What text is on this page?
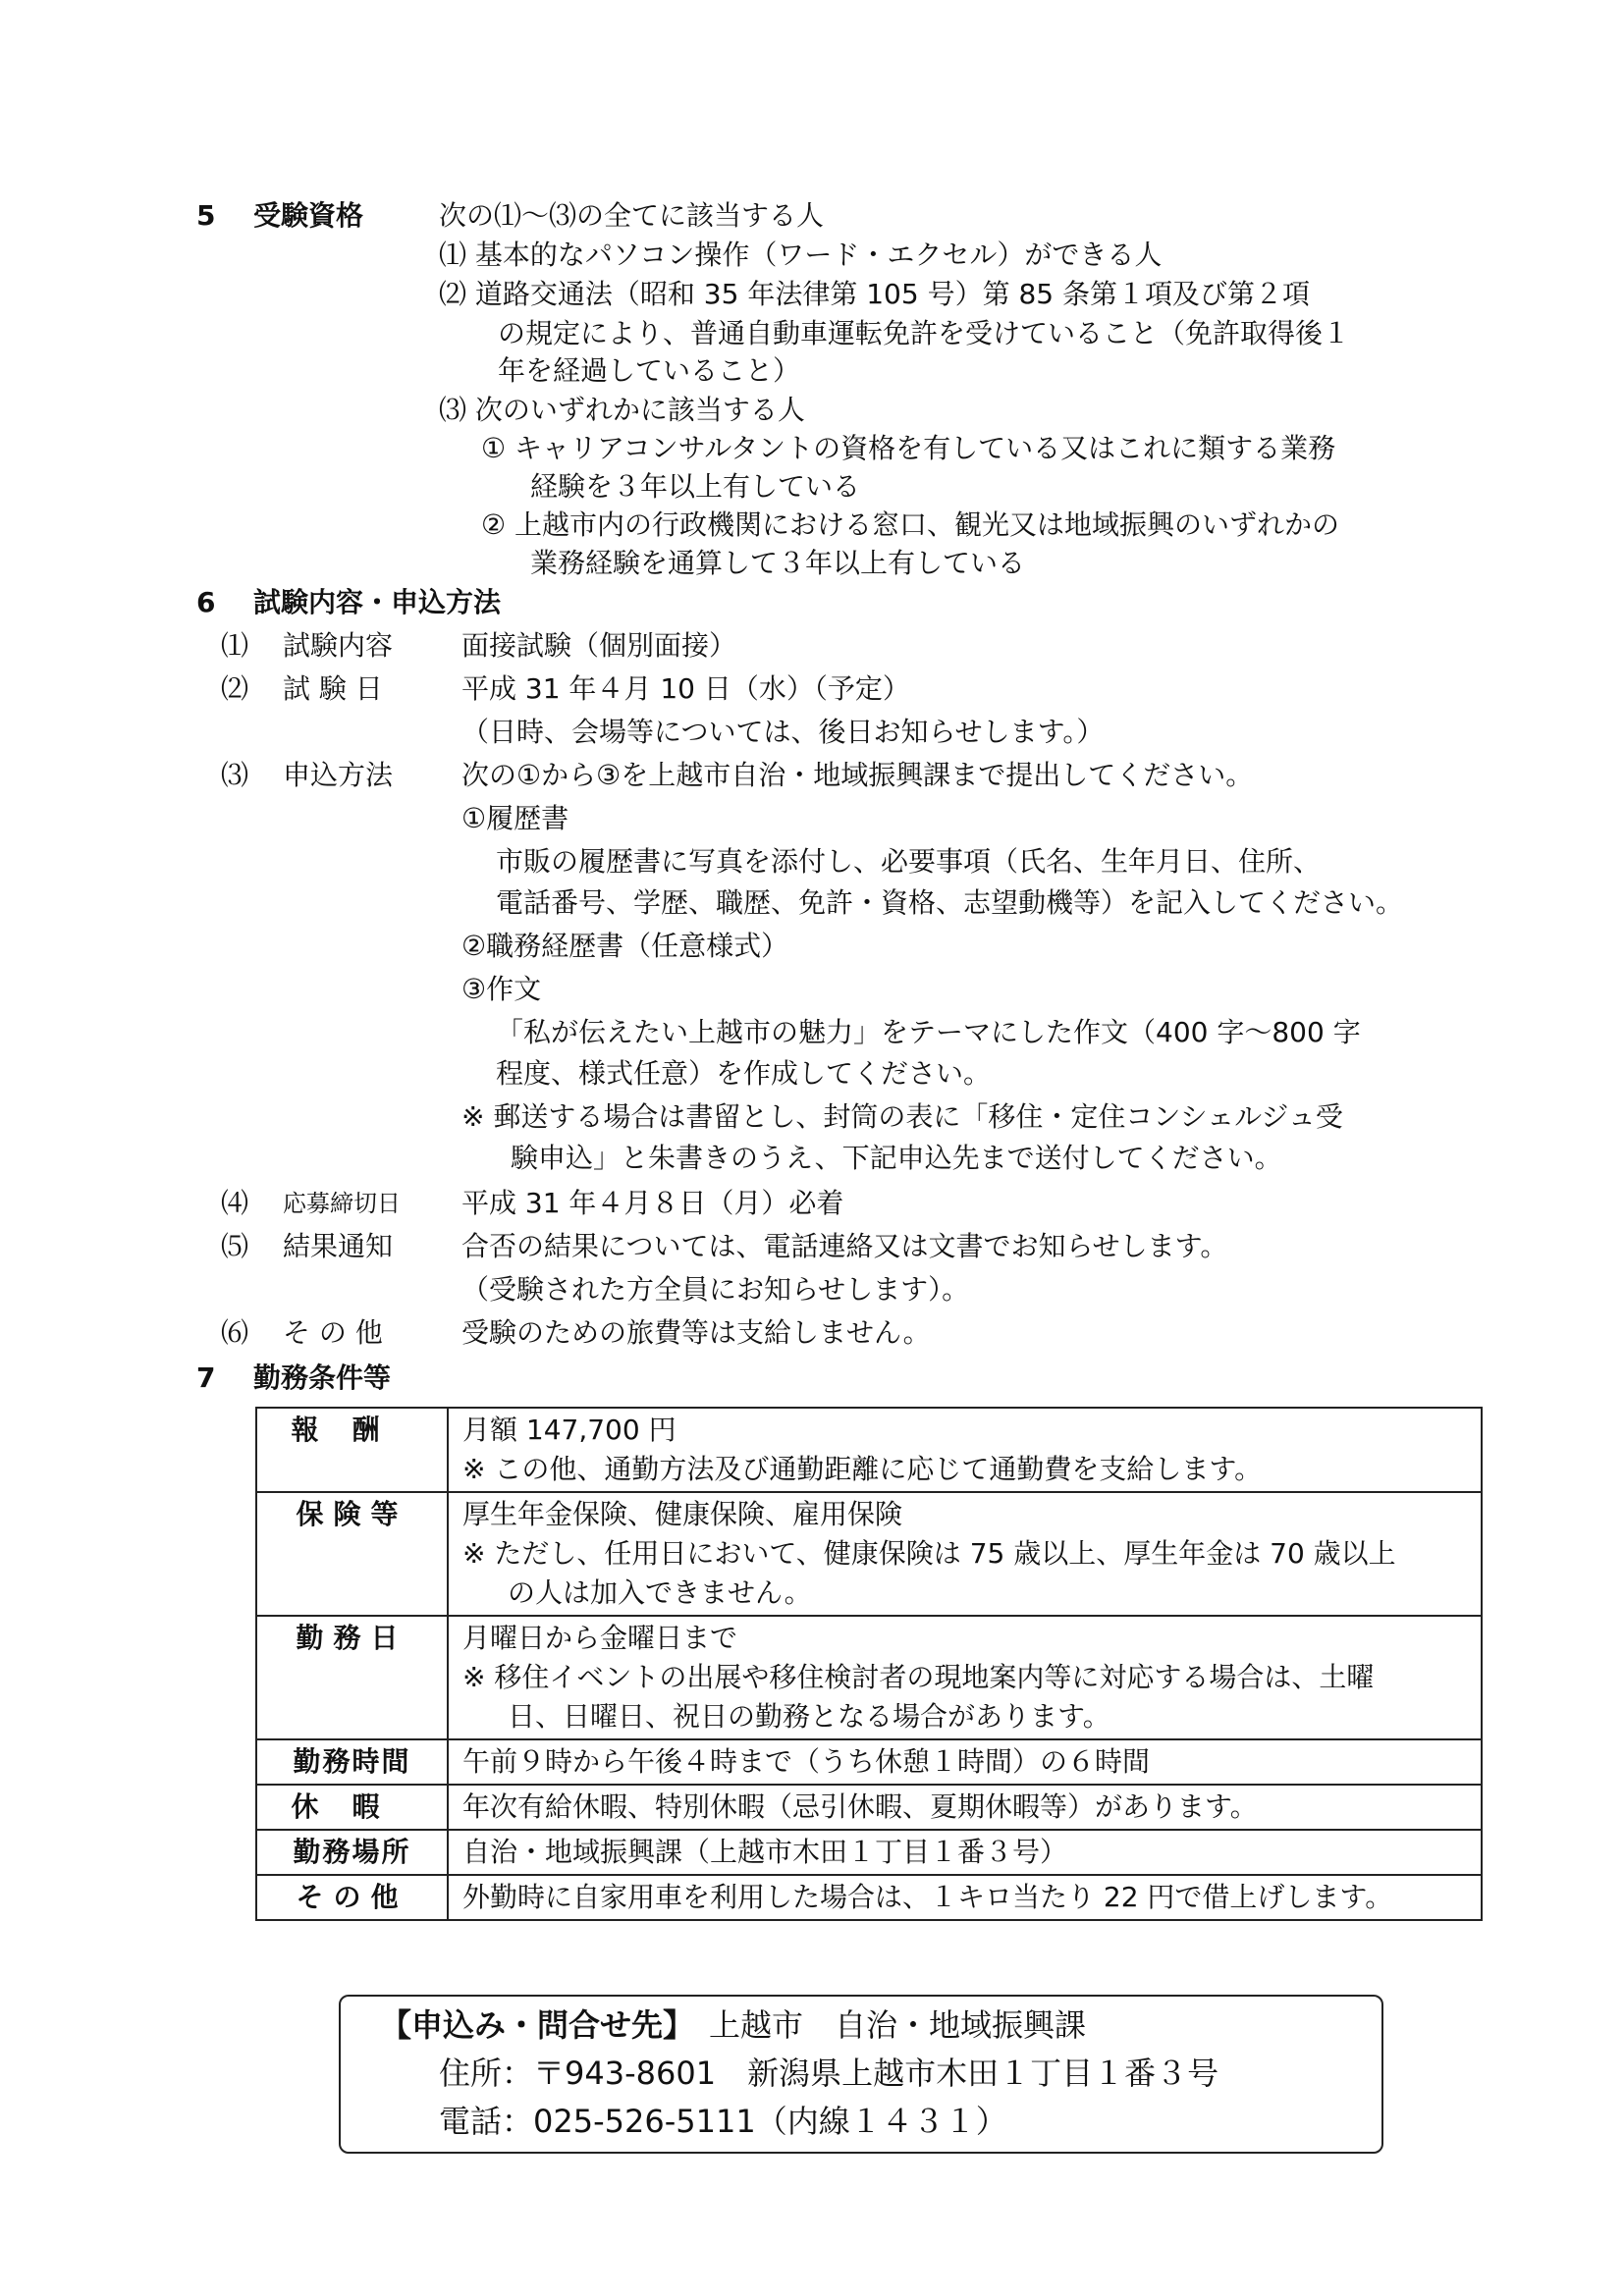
5 受験資格	次の⑴～⑶の全てに該当する人
⑴ 基本的なパソコン操作（ワード・エクセル）ができる人
⑵ 道路交通法（昭和 35 年法律第 105 号）第 85 条第１項及び第２項
の規定により、普通自動車運転免許を受けていること（免許取得後１
年を経過していること）
⑶ 次のいずれかに該当する人
① キャリアコンサルタントの資格を有している又はこれに類する業務
経験を３年以上有している
② 上越市内の行政機関における窓口、観光又は地域振興のいずれかの
業務経験を通算して３年以上有している
6 試験内容・申込方法
⑴ 試験内容 面接試験（個別面接）
⑵ 試 験 日	平成 31 年４月 10 日（水）（予定）
（日時、会場等については、後日お知らせします。）
⑶ 申込方法 次の①から③を上越市自治・地域振興課まで提出してください。
①履歴書
市販の履歴書に写真を添付し、必要事項（氏名、生年月日、住所、
電話番号、学歴、職歴、免許・資格、志望動機等）を記入してください。
②職務経歴書（任意様式）
③作文
「私が伝えたい上越市の魅力」をテーマにした作文（400 字～800 字
程度、様式任意）を作成してください。
※ 郵送する場合は書留とし、封筒の表に「移住・定住コンシェルジュ受
験申込」と朱書きのうえ、下記申込先まで送付してください。
⑷ 応募締切日 平成 31 年４月８日（月）必着
⑸ 結果通知 合否の結果については、電話連絡又は文書でお知らせします。
（受験された方全員にお知らせします）。
⑹ そ の 他	受験のための旅費等は支給しません。
7 勤務条件等
報酬	月額 147,700 円
※ この他、通勤方法及び通勤距離に応じて通勤費を支給します。

保険等	厚生年金保険、健康保険、雇用保険
※ ただし、任用日において、健康保険は 75 歳以上、厚生年金は 70 歳以上
の人は加入できません。

勤務日	月曜日から金曜日まで
※ 移住イベントの出展や移住検討者の現地案内等に対応する場合は、土曜
日、日曜日、祝日の勤務となる場合があります。

勤務時間	午前９時から午後４時まで（うち休憩１時間）の６時間
休暇	年次有給休暇、特別休暇（忌引休暇、夏期休暇等）があります。
勤務場所	自治・地域振興課（上越市木田１丁目１番３号）
その他	外勤時に自家用車を利用した場合は、１キロ当たり 22 円で借上げします。
【申込み・問合せ先】 上越市　自治・地域振興課
住所：〒943-8601　新潟県上越市木田１丁目１番３号
電話：025-526-5111（内線１４３１）
